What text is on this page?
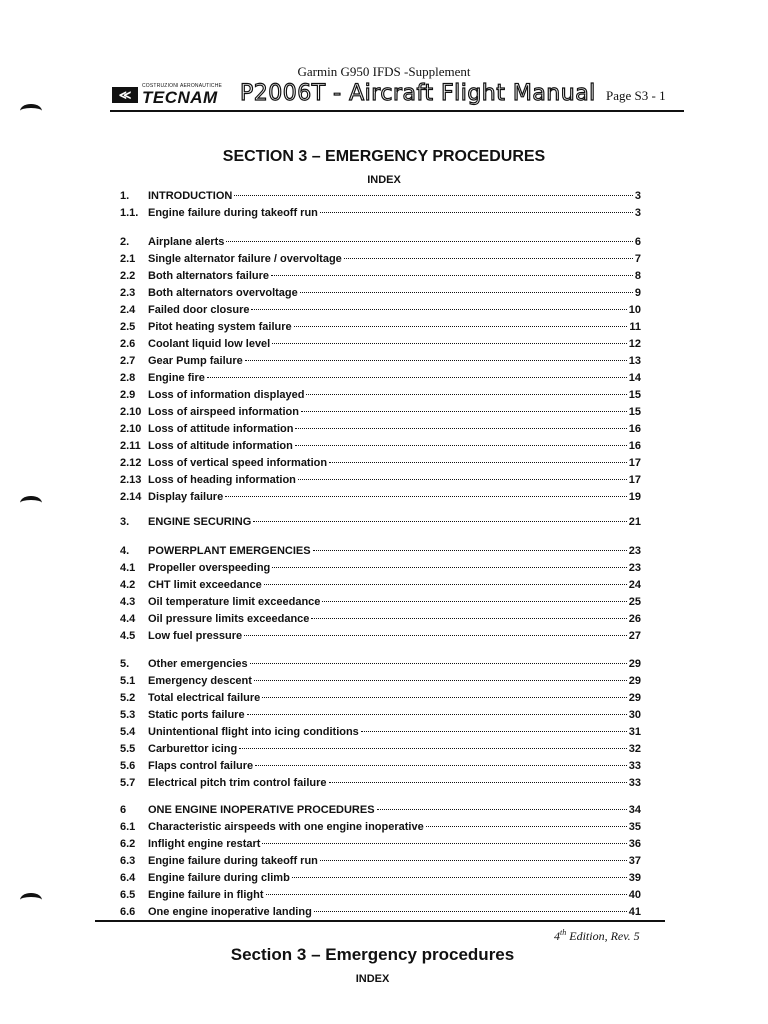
Garmin G950 IFDS -Supplement
≪
COSTRUZIONI AERONAUTICHE
TECNAM P2006T - Aircraft Flight Manual Page S3 - 1
SECTION 3 – EMERGENCY PROCEDURES
INDEX
1.	INTRODUCTION	3
1.1. Engine failure during takeoff run	3
2.	Airplane alerts	6
2.1	Single alternator failure / overvoltage	7
2.2	Both alternators failure	8
2.3	Both alternators overvoltage	9
2.4	Failed door closure	10
2.5	Pitot heating system failure	11
2.6	Coolant liquid low level	12
2.7	Gear Pump failure	13
2.8	Engine fire	14
2.9	Loss of information displayed	15
2.10 Loss of airspeed information	15
2.10 Loss of attitude information	16
2.11 Loss of altitude information	16
2.12 Loss of vertical speed information	17
2.13 Loss of heading information	17
2.14 Display failure	19
3.	ENGINE SECURING	21
4.	POWERPLANT EMERGENCIES	23
4.1	Propeller overspeeding	23
4.2	CHT limit exceedance	24
4.3	Oil temperature limit exceedance	25
4.4	Oil pressure limits exceedance	26
4.5	Low fuel pressure	27
5.	Other emergencies	29
5.1	Emergency descent	29
5.2	Total electrical failure	29
5.3	Static ports failure	30
5.4	Unintentional flight into icing conditions	31
5.5	Carburettor icing	32
5.6	Flaps control failure	33
5.7	Electrical pitch trim control failure	33
6	ONE ENGINE INOPERATIVE PROCEDURES	34
6.1	Characteristic airspeeds with one engine inoperative	35
6.2	Inflight engine restart	36
6.3	Engine failure during takeoff run	37
6.4	Engine failure during climb	39
6.5	Engine failure in flight	40
6.6	One engine inoperative landing	41
4th Edition, Rev. 5
Section 3 – Emergency procedures
INDEX
